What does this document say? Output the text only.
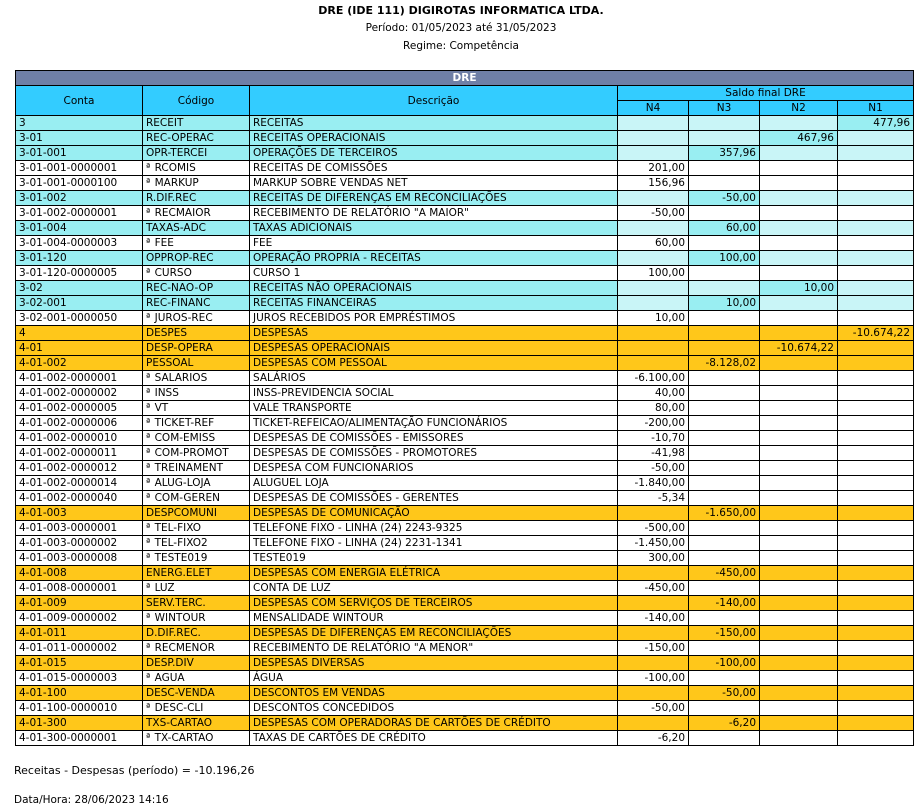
DRE (IDE 111) DIGIROTAS INFORMATICA LTDA.
Período: 01/05/2023 até 31/05/2023
Regime: Competência
DRE						
Conta	Código	Descrição	Saldo final DRE			
			N4	N3	N2	N1
3	RECEIT	RECEITAS				477,96
3-01	REC-OPERAC	RECEITAS OPERACIONAIS			467,96	
3-01-001	OPR-TERCEI	OPERAÇÕES DE TERCEIROS		357,96		
3-01-001-0000001	ª RCOMIS	RECEITAS DE COMISSÕES	201,00			
3-01-001-0000100	ª MARKUP	MARKUP SOBRE VENDAS NET	156,96			
3-01-002	R.DIF.REC	RECEITAS DE DIFERENÇAS EM RECONCILIAÇÕES		-50,00		
3-01-002-0000001	ª RECMAIOR	RECEBIMENTO DE RELATÓRIO "A MAIOR"	-50,00			
3-01-004	TAXAS-ADC	TAXAS ADICIONAIS		60,00		
3-01-004-0000003	ª FEE	FEE	60,00			
3-01-120	OPPROP-REC	OPERAÇÃO PROPRIA - RECEITAS		100,00		
3-01-120-0000005	ª CURSO	CURSO 1	100,00			
3-02	REC-NAO-OP	RECEITAS NÃO OPERACIONAIS			10,00	
3-02-001	REC-FINANC	RECEITAS FINANCEIRAS		10,00		
3-02-001-0000050	ª JUROS-REC	JUROS RECEBIDOS POR EMPRÉSTIMOS	10,00			
4	DESPES	DESPESAS				-10.674,22
4-01	DESP-OPERA	DESPESAS OPERACIONAIS			-10.674,22	
4-01-002	PESSOAL	DESPESAS COM PESSOAL		-8.128,02		
4-01-002-0000001	ª SALARIOS	SALÁRIOS	-6.100,00			
4-01-002-0000002	ª INSS	INSS-PREVIDENCIA SOCIAL	40,00			
4-01-002-0000005	ª VT	VALE TRANSPORTE	80,00			
4-01-002-0000006	ª TICKET-REF	TICKET-REFEICAO/ALIMENTAÇÃO FUNCIONÁRIOS	-200,00			
4-01-002-0000010	ª COM-EMISS	DESPESAS DE COMISSÕES - EMISSORES	-10,70			
4-01-002-0000011	ª COM-PROMOT	DESPESAS DE COMISSÕES - PROMOTORES	-41,98			
4-01-002-0000012	ª TREINAMENT	DESPESA COM FUNCIONARIOS	-50,00			
4-01-002-0000014	ª ALUG-LOJA	ALUGUEL LOJA	-1.840,00			
4-01-002-0000040	ª COM-GEREN	DESPESAS DE COMISSÕES - GERENTES	-5,34			
4-01-003	DESPCOMUNI	DESPESAS DE COMUNICAÇÃO		-1.650,00		
4-01-003-0000001	ª TEL-FIXO	TELEFONE FIXO - LINHA (24) 2243-9325	-500,00			
4-01-003-0000002	ª TEL-FIXO2	TELEFONE FIXO - LINHA (24) 2231-1341	-1.450,00			
4-01-003-0000008	ª TESTE019	TESTE019	300,00			
4-01-008	ENERG.ELET	DESPESAS COM ENERGIA ELÉTRICA		-450,00		
4-01-008-0000001	ª LUZ	CONTA DE LUZ	-450,00			
4-01-009	SERV.TERC.	DESPESAS COM SERVIÇOS DE TERCEIROS		-140,00		
4-01-009-0000002	ª WINTOUR	MENSALIDADE WINTOUR	-140,00			
4-01-011	D.DIF.REC.	DESPESAS DE DIFERENÇAS EM RECONCILIAÇÕES		-150,00		
4-01-011-0000002	ª RECMENOR	RECEBIMENTO DE RELATÓRIO "A MENOR"	-150,00			
4-01-015	DESP.DIV	DESPESAS DIVERSAS		-100,00		
4-01-015-0000003	ª AGUA	ÁGUA	-100,00			
4-01-100	DESC-VENDA	DESCONTOS EM VENDAS		-50,00		
4-01-100-0000010	ª DESC-CLI	DESCONTOS CONCEDIDOS	-50,00			
4-01-300	TXS-CARTAO	DESPESAS COM OPERADORAS DE CARTÕES DE CRÉDITO		-6,20		
4-01-300-0000001	ª TX-CARTAO	TAXAS DE CARTÕES DE CRÉDITO	-6,20			
Receitas - Despesas (período) = -10.196,26
Data/Hora: 28/06/2023 14:16
